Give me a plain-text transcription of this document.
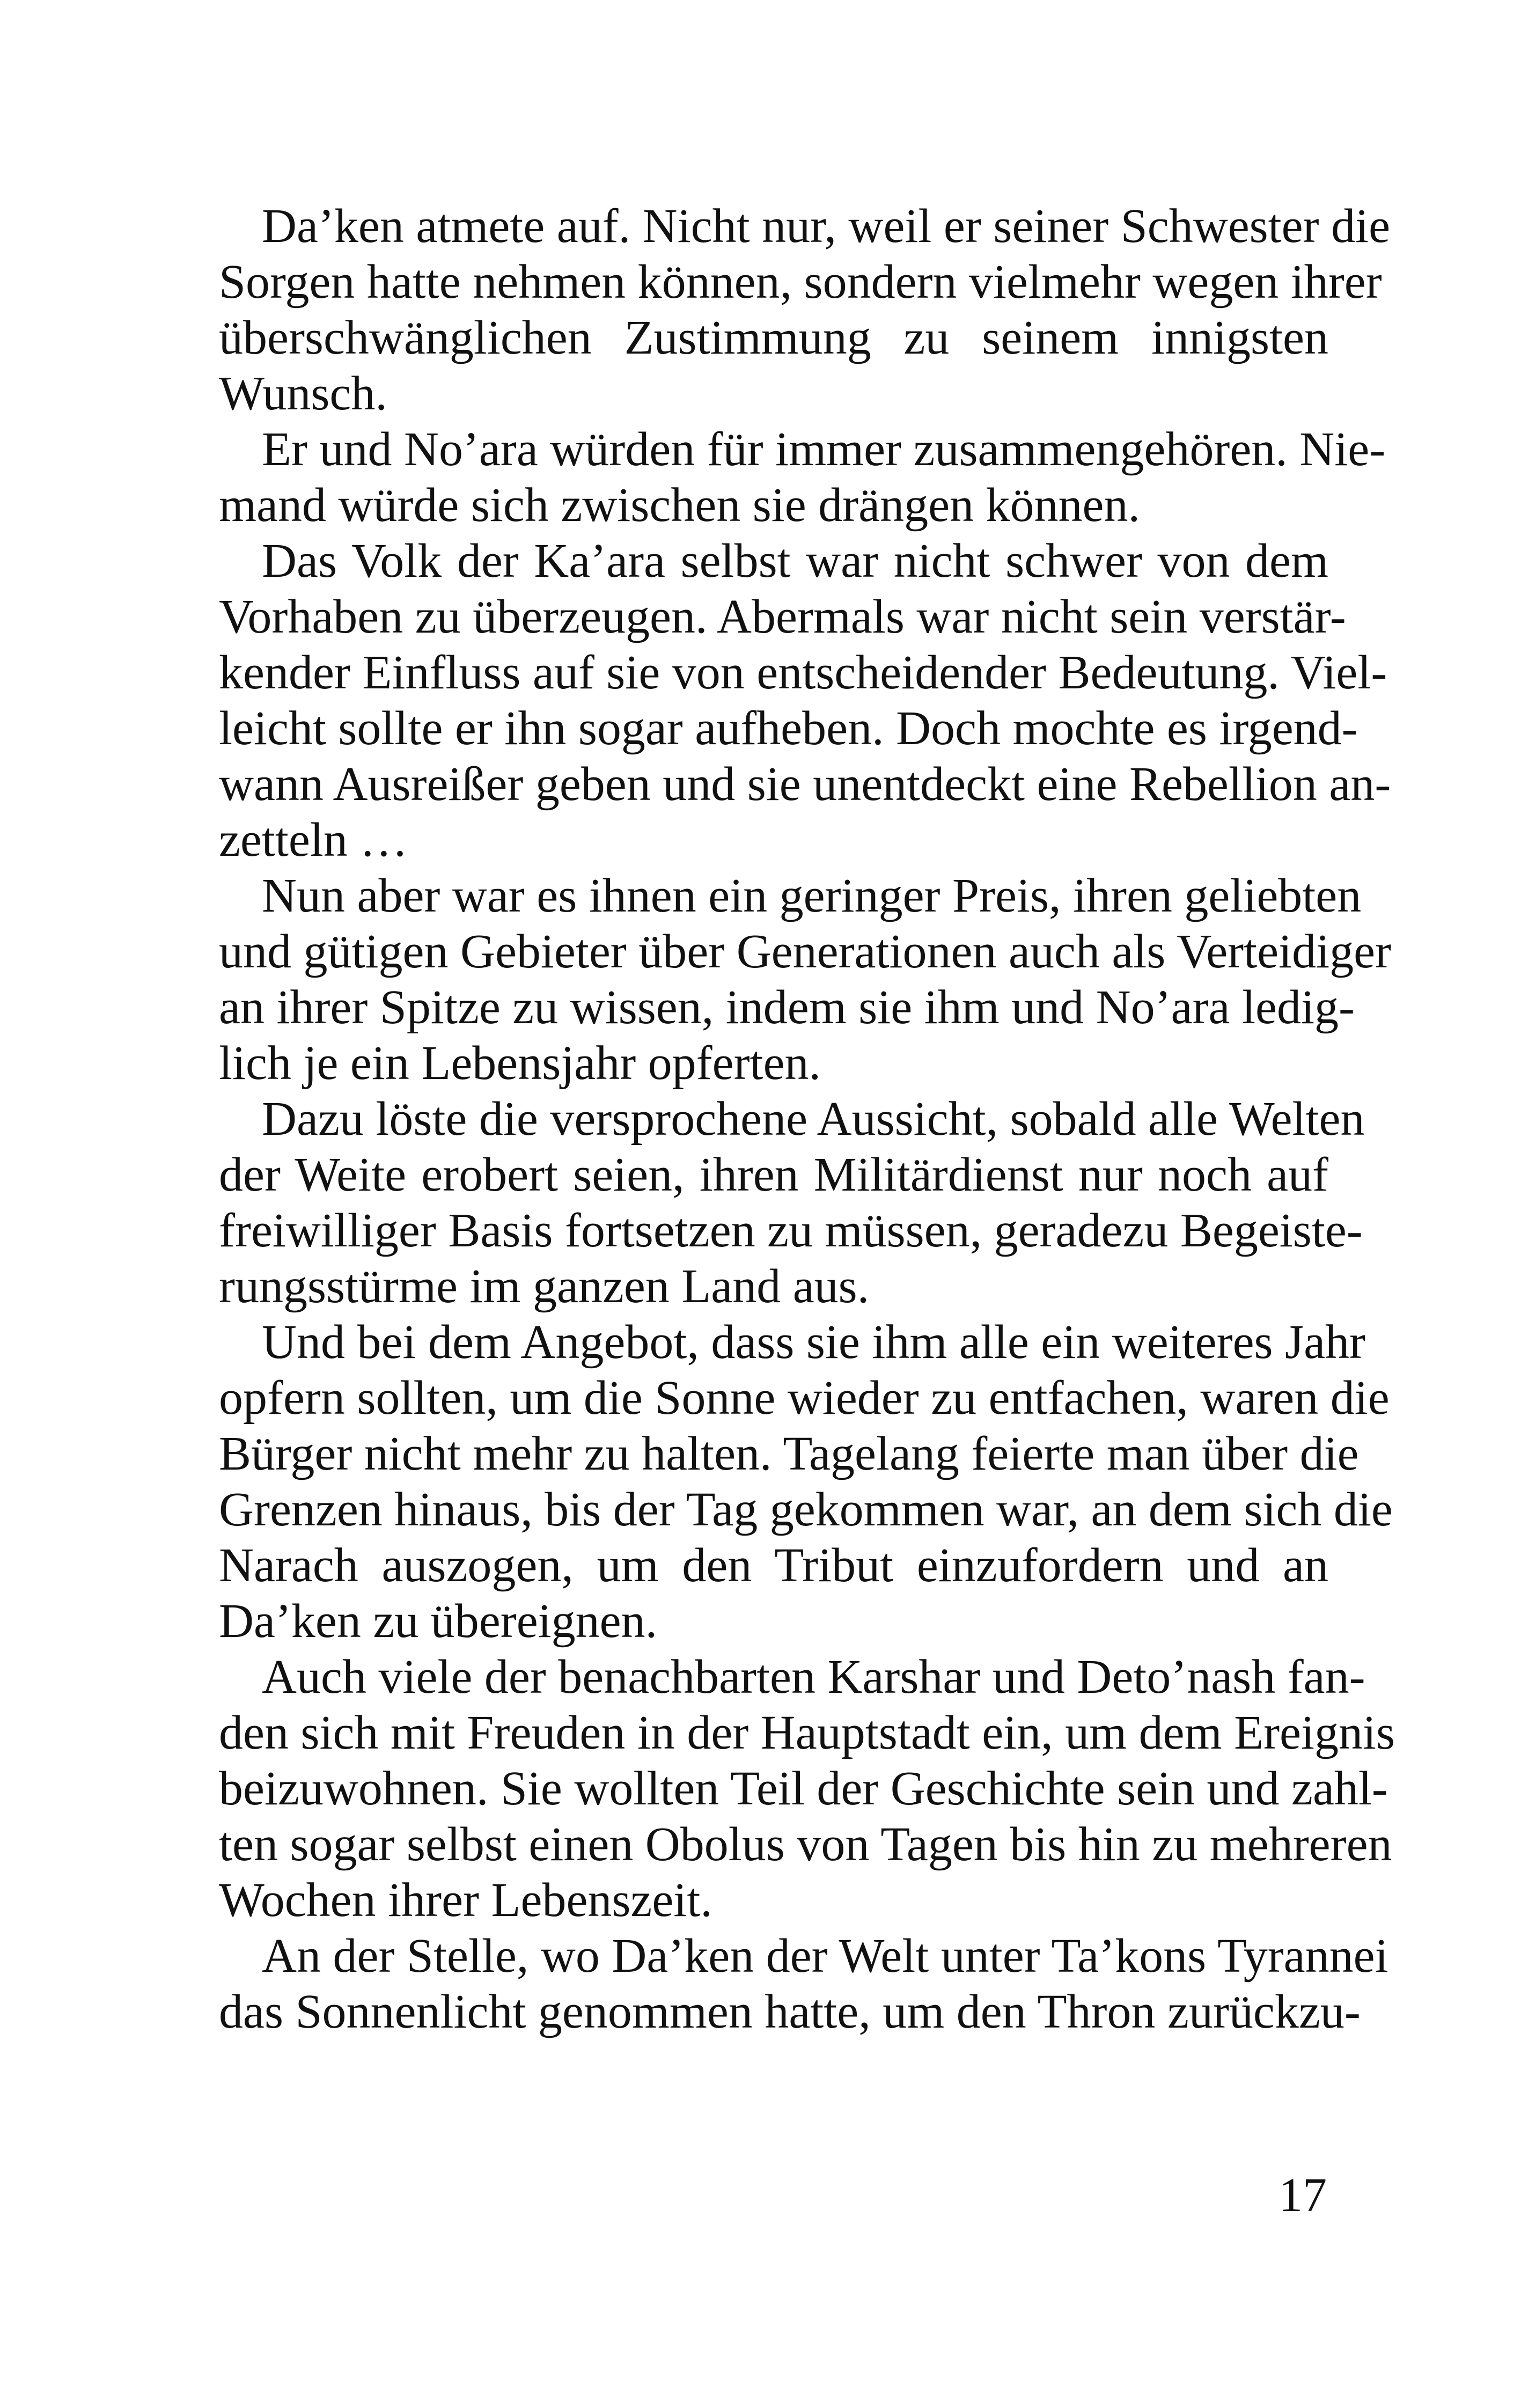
Da’ken atmete auf. Nicht nur, weil er seiner Schwester die
Sorgen hatte nehmen können, sondern vielmehr wegen ihrer
überschwänglichen Zustimmung zu seinem innigsten
Wunsch.
Er und No’ara würden für immer zusammengehören. Nie-
mand würde sich zwischen sie drängen können.
Das Volk der Ka’ara selbst war nicht schwer von dem
Vorhaben zu überzeugen. Abermals war nicht sein verstär-
kender Einfluss auf sie von entscheidender Bedeutung. Viel-
leicht sollte er ihn sogar aufheben. Doch mochte es irgend-
wann Ausreißer geben und sie unentdeckt eine Rebellion an-
zetteln …
Nun aber war es ihnen ein geringer Preis, ihren geliebten
und gütigen Gebieter über Generationen auch als Verteidiger
an ihrer Spitze zu wissen, indem sie ihm und No’ara ledig-
lich je ein Lebensjahr opferten.
Dazu löste die versprochene Aussicht, sobald alle Welten
der Weite erobert seien, ihren Militärdienst nur noch auf
freiwilliger Basis fortsetzen zu müssen, geradezu Begeiste-
rungsstürme im ganzen Land aus.
Und bei dem Angebot, dass sie ihm alle ein weiteres Jahr
opfern sollten, um die Sonne wieder zu entfachen, waren die
Bürger nicht mehr zu halten. Tagelang feierte man über die
Grenzen hinaus, bis der Tag gekommen war, an dem sich die
Narach auszogen, um den Tribut einzufordern und an
Da’ken zu übereignen.
Auch viele der benachbarten Karshar und Deto’nash fan-
den sich mit Freuden in der Hauptstadt ein, um dem Ereignis
beizuwohnen. Sie wollten Teil der Geschichte sein und zahl-
ten sogar selbst einen Obolus von Tagen bis hin zu mehreren
Wochen ihrer Lebenszeit.
An der Stelle, wo Da’ken der Welt unter Ta’kons Tyrannei
das Sonnenlicht genommen hatte, um den Thron zurückzu-
17
